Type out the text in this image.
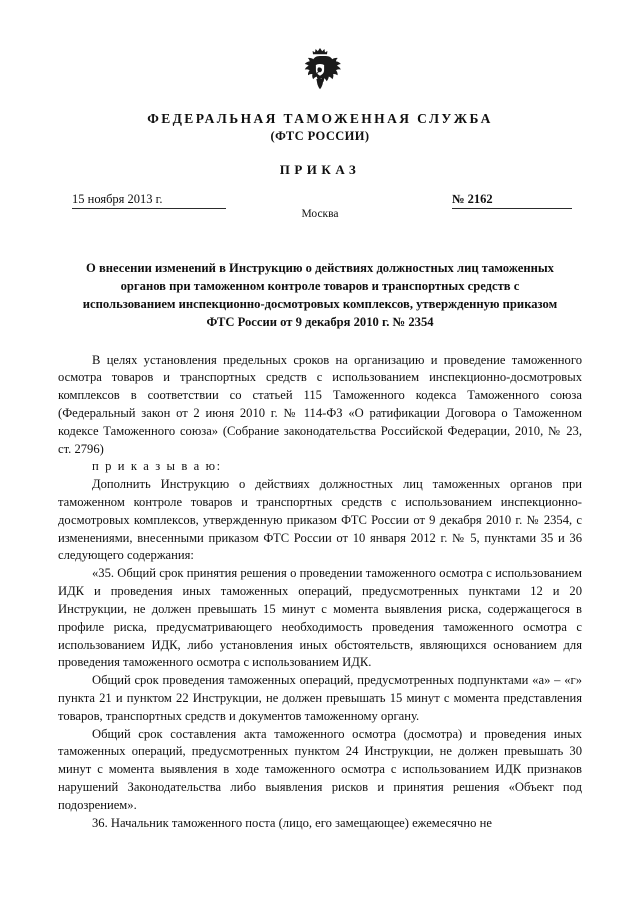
ФЕДЕРАЛЬНАЯ ТАМОЖЕННАЯ СЛУЖБА
(ФТС РОССИИ)
ПРИКАЗ
15 ноября 2013 г.	№ 2162
Москва
О внесении изменений в Инструкцию о действиях должностных лиц таможенных органов при таможенном контроле товаров и транспортных средств с использованием инспекционно-досмотровых комплексов, утвержденную приказом ФТС России от 9 декабря 2010 г. № 2354

В целях установления предельных сроков на организацию и проведение таможенного осмотра товаров и транспортных средств с использованием инспекционно-досмотровых комплексов в соответствии со статьей 115 Таможенного кодекса Таможенного союза (Федеральный закон от 2 июня 2010 г. № 114-ФЗ «О ратификации Договора о Таможенном кодексе Таможенного союза» (Собрание законодательства Российской Федерации, 2010, № 23, ст. 2796)

п р и к а з ы в а ю:

Дополнить Инструкцию о действиях должностных лиц таможенных органов при таможенном контроле товаров и транспортных средств с использованием инспекционно-досмотровых комплексов, утвержденную приказом ФТС России от 9 декабря 2010 г. № 2354, с изменениями, внесенными приказом ФТС России от 10 января 2012 г. № 5, пунктами 35 и 36 следующего содержания:

«35. Общий срок принятия решения о проведении таможенного осмотра с использованием ИДК и проведения иных таможенных операций, предусмотренных пунктами 12 и 20 Инструкции, не должен превышать 15 минут с момента выявления риска, содержащегося в профиле риска, предусматривающего необходимость проведения таможенного осмотра с использованием ИДК, либо установления иных обстоятельств, являющихся основанием для проведения таможенного осмотра с использованием ИДК.

Общий срок проведения таможенных операций, предусмотренных подпунктами «а» – «г» пункта 21 и пунктом 22 Инструкции, не должен превышать 15 минут с момента представления товаров, транспортных средств и документов таможенному органу.

Общий срок составления акта таможенного осмотра (досмотра) и проведения иных таможенных операций, предусмотренных пунктом 24 Инструкции, не должен превышать 30 минут с момента выявления в ходе таможенного осмотра с использованием ИДК признаков нарушений Законодательства либо выявления рисков и принятия решения «Объект под подозрением».

36. Начальник таможенного поста (лицо, его замещающее) ежемесячно не
